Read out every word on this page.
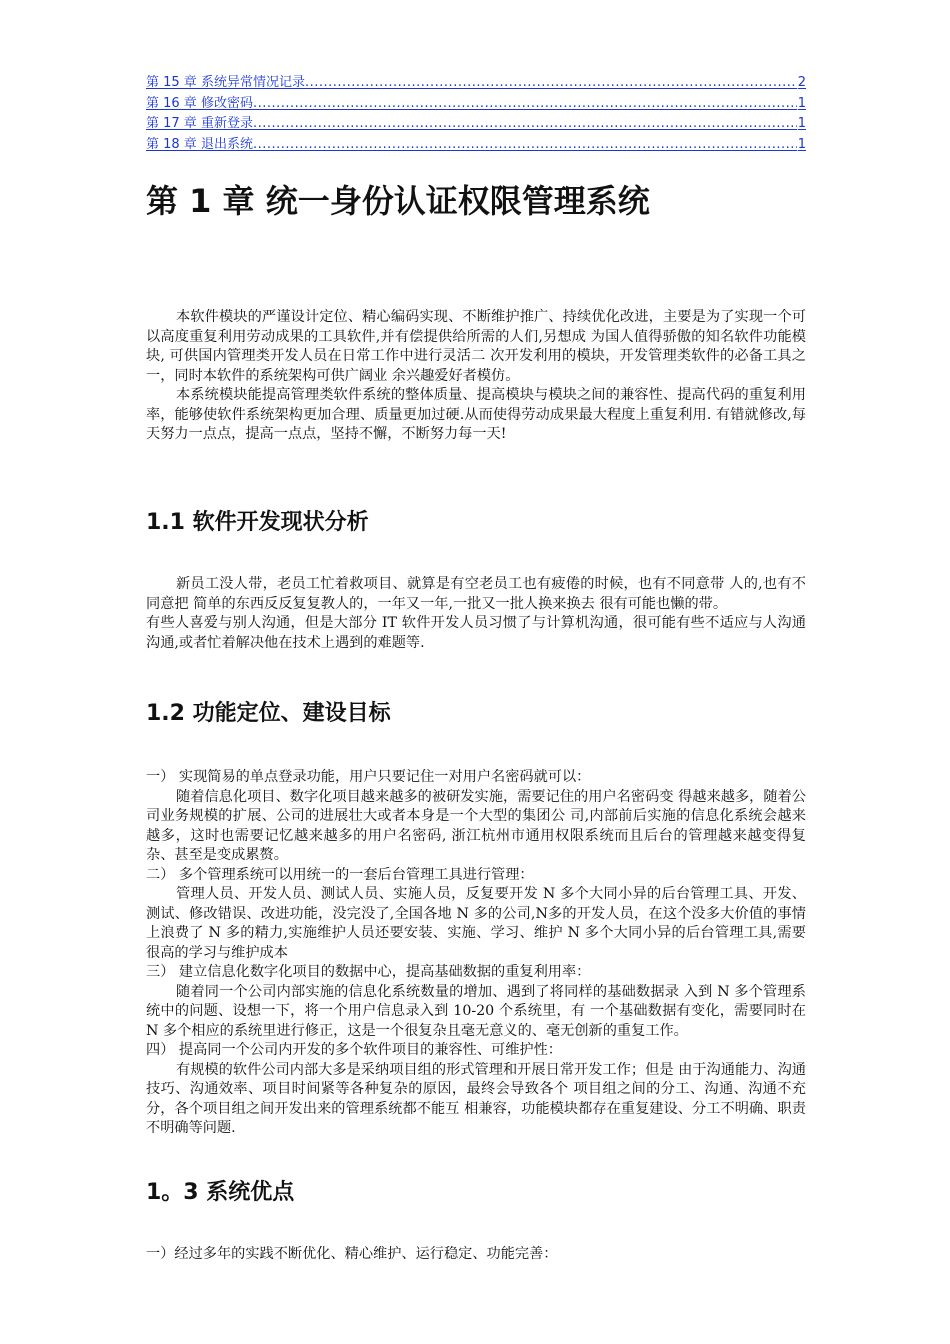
第 15 章 系统异常情况记录 .....	2
第 16 章 修改密码 .....	1
第 17 章 重新登录 .....	1
第 18 章 退出系统 .....	1
第 1 章 统一身份认证权限管理系统

本软件模块的严谨设计定位、精心编码实现、不断维护推广、持续优化改进，主要是为了实现一个可以高度重复利用劳动成果的工具软件,并有偿提供给所需的人们,另想成 为国人值得骄傲的知名软件功能模块, 可供国内管理类开发人员在日常工作中进行灵活二 次开发利用的模块，开发管理类软件的必备工具之一，同时本软件的系统架构可供广阔业 余兴趣爱好者模仿。

本系统模块能提高管理类软件系统的整体质量、提高模块与模块之间的兼容性、提高代码的重复利用率，能够使软件系统架构更加合理、质量更加过硬.从而使得劳动成果最大程度上重复利用. 有错就修改,每天努力一点点，提高一点点，坚持不懈，不断努力每一天!

1.1 软件开发现状分析

新员工没人带，老员工忙着救项目、就算是有空老员工也有疲倦的时候，也有不同意带 人的,也有不同意把 简单的东西反反复复教人的，一年又一年,一批又一批人换来换去 很有可能也懒的带。

有些人喜爱与别人沟通，但是大部分 IT 软件开发人员习惯了与计算机沟通，很可能有些不适应与人沟通沟通,或者忙着解决他在技术上遇到的难题等.

1.2 功能定位、建设目标

一） 实现简易的单点登录功能，用户只要记住一对用户名密码就可以：

随着信息化项目、数字化项目越来越多的被研发实施，需要记住的用户名密码变 得越来越多，随着公司业务规模的扩展、公司的进展壮大或者本身是一个大型的集团公 司,内部前后实施的信息化系统会越来越多，这时也需要记忆越来越多的用户名密码, 浙江杭州市通用权限系统而且后台的管理越来越变得复杂、甚至是变成累赘。

二） 多个管理系统可以用统一的一套后台管理工具进行管理：

管理人员、开发人员、测试人员、实施人员，反复要开发 N 多个大同小异的后台管理工具、开发、测试、修改错误、改进功能，没完没了,全国各地 N 多的公司,N多的开发人员，在这个没多大价值的事情上浪费了 N 多的精力,实施维护人员还要安装、实施、学习、维护 N 多个大同小异的后台管理工具,需要很高的学习与维护成本

三） 建立信息化数字化项目的数据中心，提高基础数据的重复利用率：

随着同一个公司内部实施的信息化系统数量的增加、遇到了将同样的基础数据录 入到 N 多个管理系统中的问题、设想一下，将一个用户信息录入到 10-20 个系统里，有 一个基础数据有变化，需要同时在 N 多个相应的系统里进行修正，这是一个很复杂且毫无意义的、毫无创新的重复工作。

四） 提高同一个公司内开发的多个软件项目的兼容性、可维护性：

有规模的软件公司内部大多是采纳项目组的形式管理和开展日常开发工作；但是 由于沟通能力、沟通技巧、沟通效率、项目时间紧等各种复杂的原因，最终会导致各个 项目组之间的分工、沟通、沟通不充分，各个项目组之间开发出来的管理系统都不能互 相兼容，功能模块都存在重复建设、分工不明确、职责不明确等问题.

1。3 系统优点

一）经过多年的实践不断优化、精心维护、运行稳定、功能完善：
